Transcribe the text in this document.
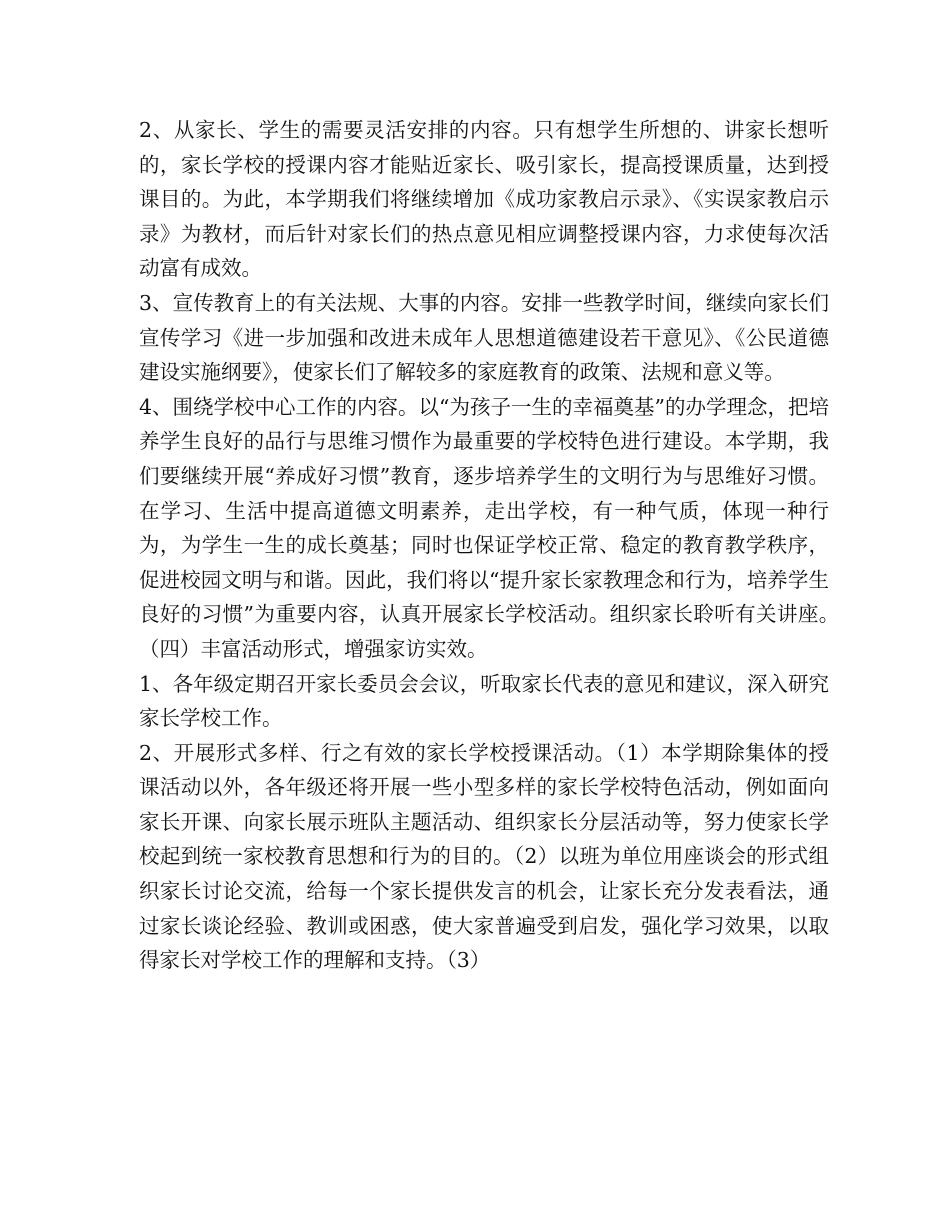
2、从家长、学生的需要灵活安排的内容。只有想学生所想的、讲家长想听的，家长学校的授课内容才能贴近家长、吸引家长，提高授课质量，达到授课目的。为此，本学期我们将继续增加《成功家教启示录》、《实误家教启示录》为教材，而后针对家长们的热点意见相应调整授课内容，力求使每次活动富有成效。

3、宣传教育上的有关法规、大事的内容。安排一些教学时间，继续向家长们宣传学习《进一步加强和改进未成年人思想道德建设若干意见》、《公民道德建设实施纲要》，使家长们了解较多的家庭教育的政策、法规和意义等。

4、围绕学校中心工作的内容。以“为孩子一生的幸福奠基”的办学理念，把培养学生良好的品行与思维习惯作为最重要的学校特色进行建设。本学期，我们要继续开展“养成好习惯”教育，逐步培养学生的文明行为与思维好习惯。在学习、生活中提高道德文明素养，走出学校，有一种气质，体现一种行为，为学生一生的成长奠基；同时也保证学校正常、稳定的教育教学秩序，促进校园文明与和谐。因此，我们将以“提升家长家教理念和行为，培养学生良好的习惯”为重要内容，认真开展家长学校活动。组织家长聆听有关讲座。　（四）丰富活动形式，增强家访实效。

1、各年级定期召开家长委员会会议，听取家长代表的意见和建议，深入研究家长学校工作。

2、开展形式多样、行之有效的家长学校授课活动。（1）本学期除集体的授课活动以外，各年级还将开展一些小型多样的家长学校特色活动，例如面向家长开课、向家长展示班队主题活动、组织家长分层活动等，努力使家长学校起到统一家校教育思想和行为的目的。（2）以班为单位用座谈会的形式组织家长讨论交流，给每一个家长提供发言的机会，让家长充分发表看法，通过家长谈论经验、教训或困惑，使大家普遍受到启发，强化学习效果，以取得家长对学校工作的理解和支持。（3）
